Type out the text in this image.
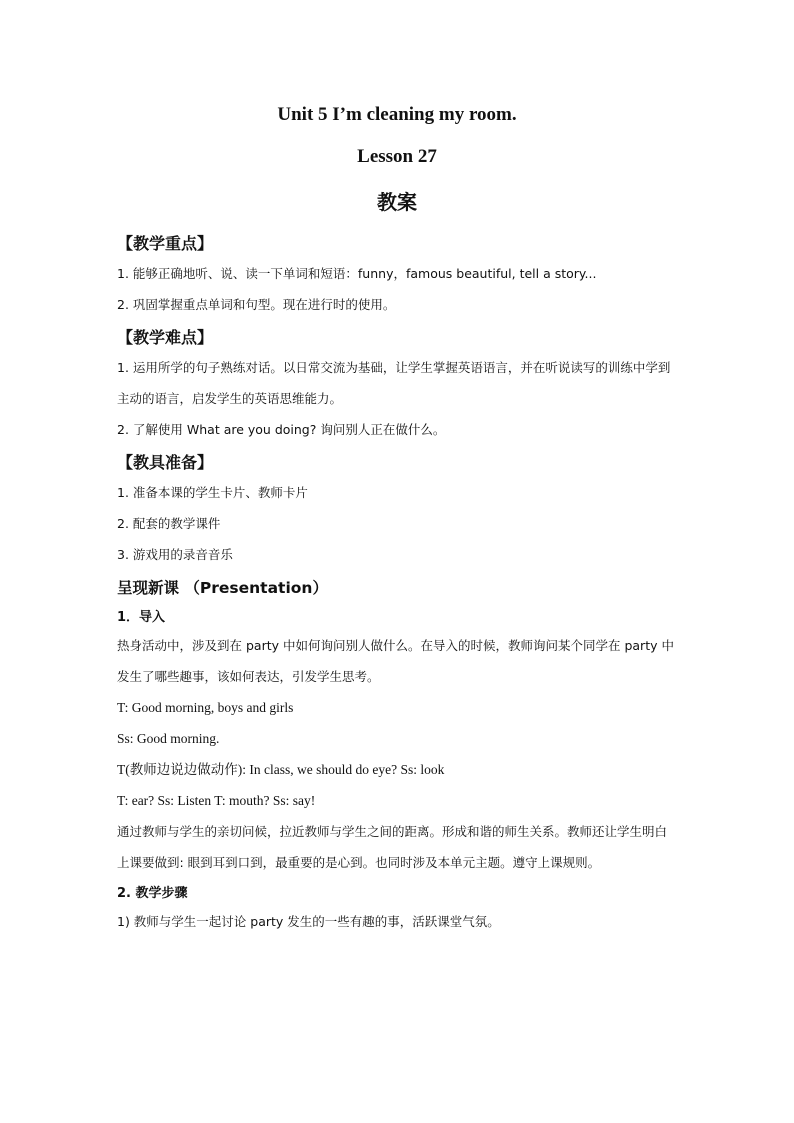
Unit 5 I’m cleaning my room.
Lesson 27
教案
【教学重点】
1. 能够正确地听、说、读一下单词和短语：funny，famous beautiful, tell a story...
2. 巩固掌握重点单词和句型。现在进行时的使用。
【教学难点】
1. 运用所学的句子熟练对话。以日常交流为基础，让学生掌握英语语言，并在听说读写的训练中学到主动的语言，启发学生的英语思维能力。
2. 了解使用 What are you doing? 询问别人正在做什么。
【教具准备】
1. 准备本课的学生卡片、教师卡片
2. 配套的教学课件
3. 游戏用的录音音乐
呈现新课 （Presentation）
1．导入
热身活动中，涉及到在 party 中如何询问别人做什么。在导入的时候，教师询问某个同学在 party 中发生了哪些趣事，该如何表达，引发学生思考。
T: Good morning, boys and girls
Ss: Good morning.
T(教师边说边做动作): In class, we should do eye? Ss: look
T: ear? Ss: Listen T: mouth? Ss: say!
通过教师与学生的亲切问候，拉近教师与学生之间的距离。形成和谐的师生关系。教师还让学生明白上课要做到: 眼到耳到口到，最重要的是心到。也同时涉及本单元主题。遵守上课规则。
2. 教学步骤
1) 教师与学生一起讨论 party 发生的一些有趣的事，活跃课堂气氛。
